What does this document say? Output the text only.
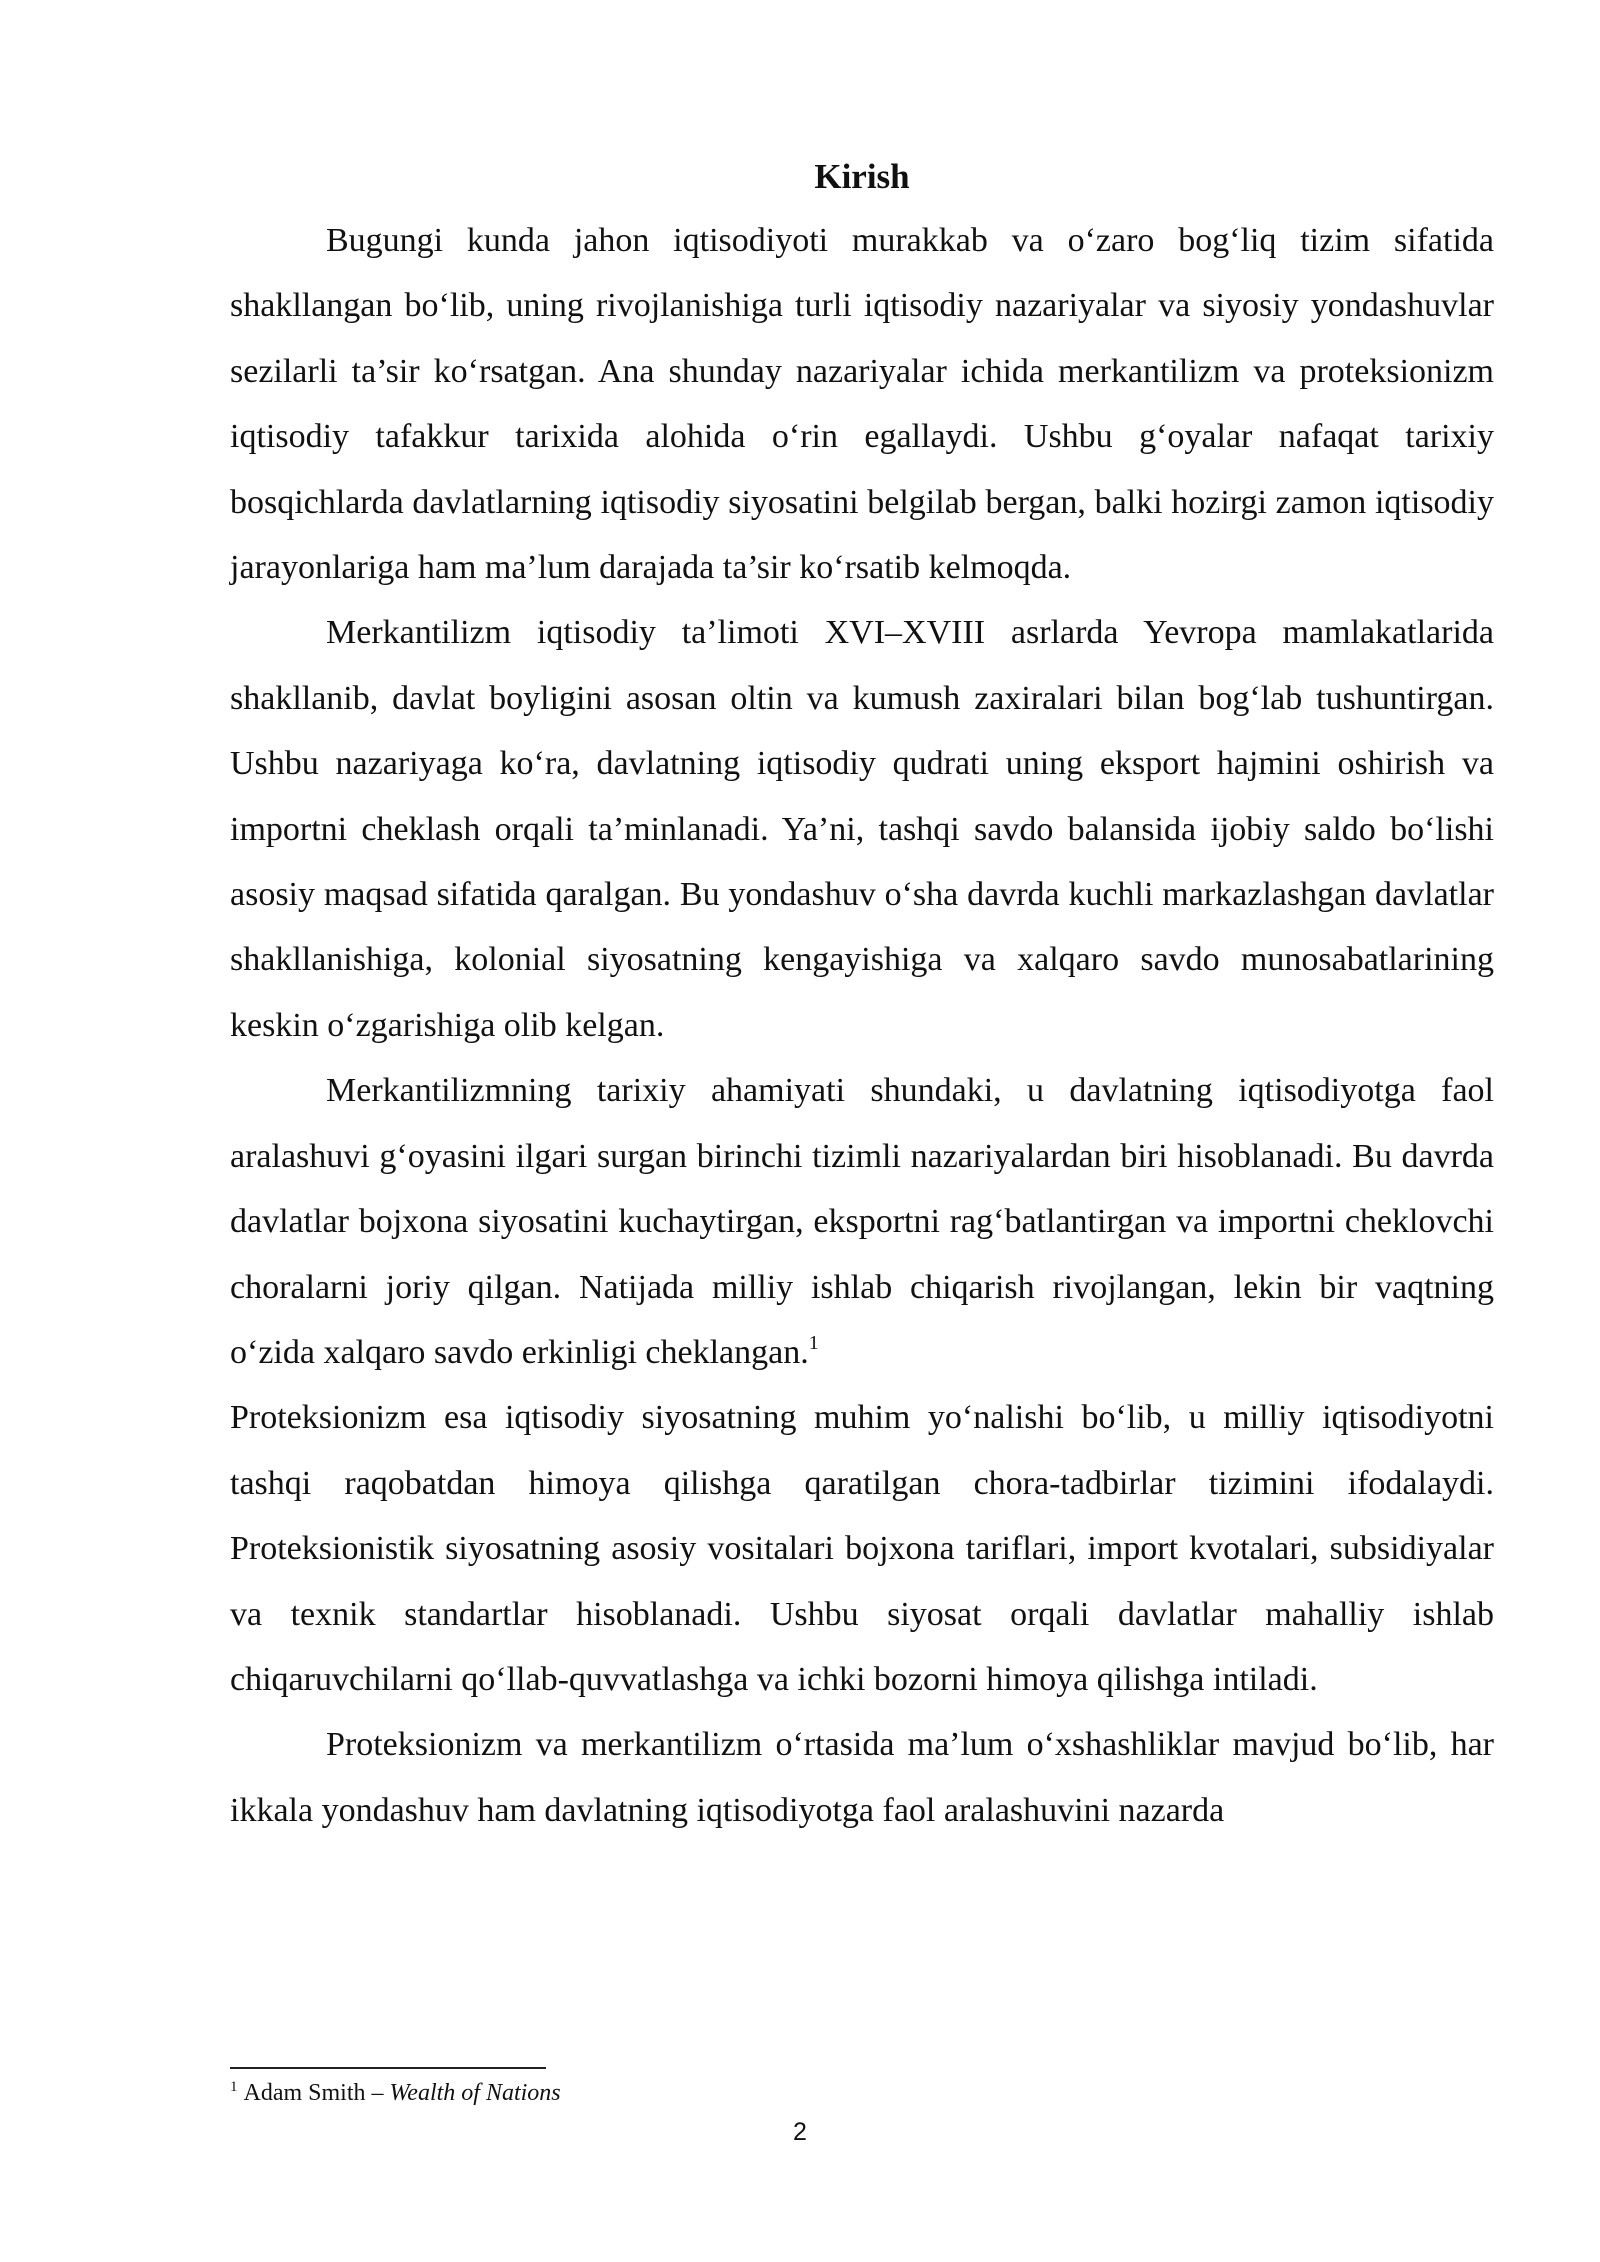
Kirish

Bugungi kunda jahon iqtisodiyoti murakkab va o‘zaro bog‘liq tizim sifatida shakllangan bo‘lib, uning rivojlanishiga turli iqtisodiy nazariyalar va siyosiy yondashuvlar sezilarli ta’sir ko‘rsatgan. Ana shunday nazariyalar ichida merkantilizm va proteksionizm iqtisodiy tafakkur tarixida alohida o‘rin egallaydi. Ushbu g‘oyalar nafaqat tarixiy bosqichlarda davlatlarning iqtisodiy siyosatini belgilab bergan, balki hozirgi zamon iqtisodiy jarayonlariga ham ma’lum darajada ta’sir ko‘rsatib kelmoqda.

Merkantilizm iqtisodiy ta’limoti XVI–XVIII asrlarda Yevropa mamlakatlarida shakllanib, davlat boyligini asosan oltin va kumush zaxiralari bilan bog‘lab tushuntirgan. Ushbu nazariyaga ko‘ra, davlatning iqtisodiy qudrati uning eksport hajmini oshirish va importni cheklash orqali ta’minlanadi. Ya’ni, tashqi savdo balansida ijobiy saldo bo‘lishi asosiy maqsad sifatida qaralgan. Bu yondashuv o‘sha davrda kuchli markazlashgan davlatlar shakllanishiga, kolonial siyosatning kengayishiga va xalqaro savdo munosabatlarining keskin o‘zgarishiga olib kelgan.

Merkantilizmning tarixiy ahamiyati shundaki, u davlatning iqtisodiyotga faol aralashuvi g‘oyasini ilgari surgan birinchi tizimli nazariyalardan biri hisoblanadi. Bu davrda davlatlar bojxona siyosatini kuchaytirgan, eksportni rag‘batlantirgan va importni cheklovchi choralarni joriy qilgan. Natijada milliy ishlab chiqarish rivojlangan, lekin bir vaqtning o‘zida xalqaro savdo erkinligi cheklangan.$^1$

Proteksionizm esa iqtisodiy siyosatning muhim yo‘nalishi bo‘lib, u milliy iqtisodiyotni tashqi raqobatdan himoya qilishga qaratilgan chora-tadbirlar tizimini ifodalaydi. Proteksionistik siyosatning asosiy vositalari bojxona tariflari, import kvotalari, subsidiyalar va texnik standartlar hisoblanadi. Ushbu siyosat orqali davlatlar mahalliy ishlab chiqaruvchilarni qo‘llab-quvvatlashga va ichki bozorni himoya qilishga intiladi.

Proteksionizm va merkantilizm o‘rtasida ma’lum o‘xshashliklar mavjud bo‘lib, har ikkala yondashuv ham davlatning iqtisodiyotga faol aralashuvini nazarda

$^1$ Adam Smith – Wealth of Nations
2
